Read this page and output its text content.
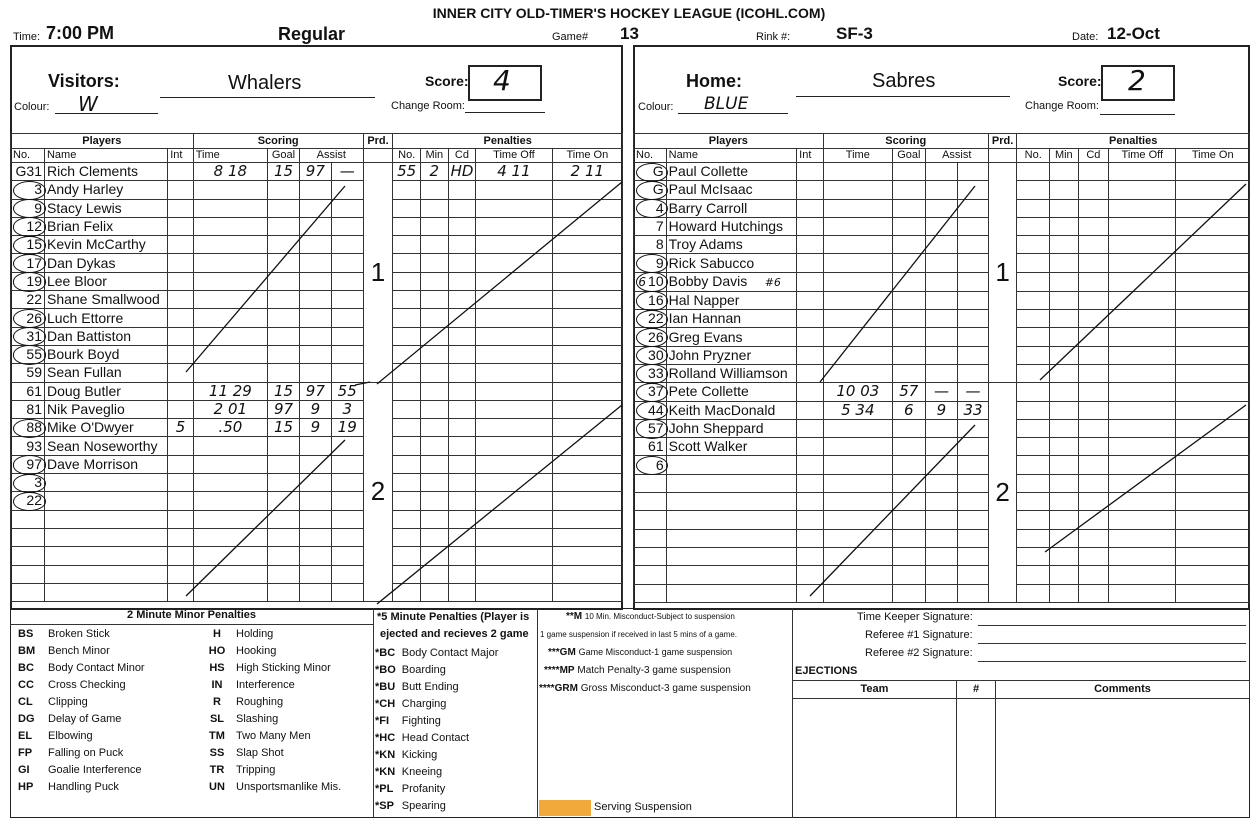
INNER CITY OLD-TIMER'S HOCKEY LEAGUE (ICOHL.COM)
Time: 7:00 PM	Regular	Game# 13	Rink #:	SF-3	Date: 12-Oct
Visitors:	Whalers
Colour: W
Score: 4
Change Room:
Home:	Sabres
Colour: BLUE
Score: 2
Change Room:
Players			Scoring				Prd.	Penalties				
No.	Name	Int	Time	Goal	Assist			No.	Min	Cd	Time Off	Time On
G31	Rich Clements		8 18	15	97	—	1	55	2	HD	4 11	2 11
3	Andy Harley											
9	Stacy Lewis											
12	Brian Felix											
15	Kevin McCarthy											
17	Dan Dykas											
19	Lee Bloor											
22	Shane Smallwood											
26	Luch Ettorre											
31	Dan Battiston											
55	Bourk Boyd											
59	Sean Fullan											
61	Doug Butler		11 29	15	97	55	2					
81	Nik Paveglio		2 01	97	9	3						
88	Mike O'Dwyer	5	.50	15	9	19						
93	Sean Noseworthy											
97	Dave Morrison											
3												
22												

Players			Scoring				Prd.	Penalties				
No.	Name	Int	Time	Goal	Assist			No.	Min	Cd	Time Off	Time On
G	Paul Collette						1					
G	Paul McIsaac											
4	Barry Carroll											
7	Howard Hutchings											
8	Troy Adams											
9	Rick Sabucco											
6 10	Bobby Davis #6											
16	Hal Napper											
22	Ian Hannan											
26	Greg Evans											
30	John Pryzner											
33	Rolland Williamson											
37	Pete Collette		10 03	57	—	—	2					
44	Keith MacDonald		5 34	6	9	33						
57	John Sheppard											
61	Scott Walker											
6												

2 Minute Minor Penalties
BS	Broken Stick	H	Holding
BM	Bench Minor	HO	Hooking
BC	Body Contact Minor	HS	High Sticking Minor
CC	Cross Checking	IN	Interference
CL	Clipping	R	Roughing
DG	Delay of Game	SL	Slashing
EL	Elbowing	TM	Two Many Men
FP	Falling on Puck	SS	Slap Shot
GI	Goalie Interference	TR	Tripping
HP	Handling Puck	UN	Unsportsmanlike Mis.
*5 Minute Penalties (Player is
ejected and recieves 2 game
*BC	Body Contact Major
*BO	Boarding
*BU	Butt Ending
*CH	Charging
*FI	Fighting
*HC	Head Contact
*KN	Kicking
*KN	Kneeing
*PL	Profanity
*SP	Spearing
**M 10 Min. Misconduct-Subject to suspension
1 game suspension if received in last 5 mins of a game.
***GM Game Misconduct-1 game suspension
****MP Match Penalty-3 game suspension
****GRM Gross Misconduct-3 game suspension
Serving Suspension
Time Keeper Signature:
Referee #1 Signature:
Referee #2 Signature:
EJECTIONS
Team	#	Comments
